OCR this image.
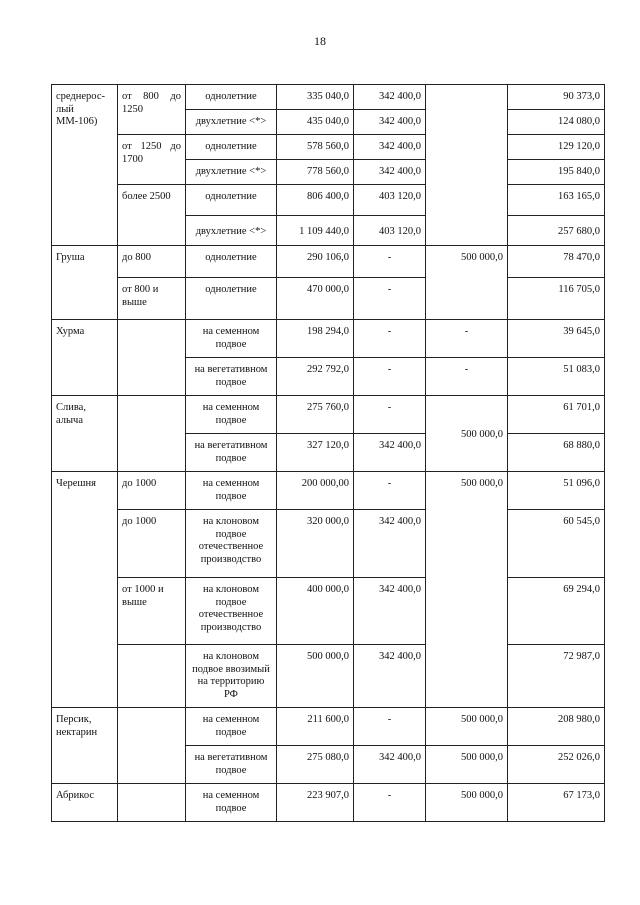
18
среднерос-лый ММ-106)	от 800 до 1250	однолетние	335 040,0	342 400,0		90 373,0
		двухлетние <*>	435 040,0	342 400,0		124 080,0
	от 1250 до 1700	однолетние	578 560,0	342 400,0		129 120,0
		двухлетние <*>	778 560,0	342 400,0		195 840,0
	более 2500	однолетние	806 400,0	403 120,0		163 165,0
		двухлетние <*>	1 109 440,0	403 120,0		257 680,0
Груша	до 800	однолетние	290 106,0	-	500 000,0	78 470,0
	от 800 и выше	однолетние	470 000,0	-		116 705,0
Хурма		на семенном подвое	198 294,0	-	-	39 645,0
		на вегетативном подвое	292 792,0	-	-	51 083,0
Слива, алыча		на семенном подвое	275 760,0	-	500 000,0	61 701,0
		на вегетативном подвое	327 120,0	342 400,0		68 880,0
Черешня	до 1000	на семенном подвое	200 000,00	-	500 000,0	51 096,0
	до 1000	на клоновом подвое отечественное производство	320 000,0	342 400,0		60 545,0
	от 1000 и выше	на клоновом подвое отечественное производство	400 000,0	342 400,0		69 294,0
		на клоновом подвое ввозимый на территорию РФ	500 000,0	342 400,0		72 987,0
Персик, нектарин		на семенном подвое	211 600,0	-	500 000,0	208 980,0
		на вегетативном подвое	275 080,0	342 400,0	500 000,0	252 026,0
Абрикос		на семенном подвое	223 907,0	-	500 000,0	67 173,0
